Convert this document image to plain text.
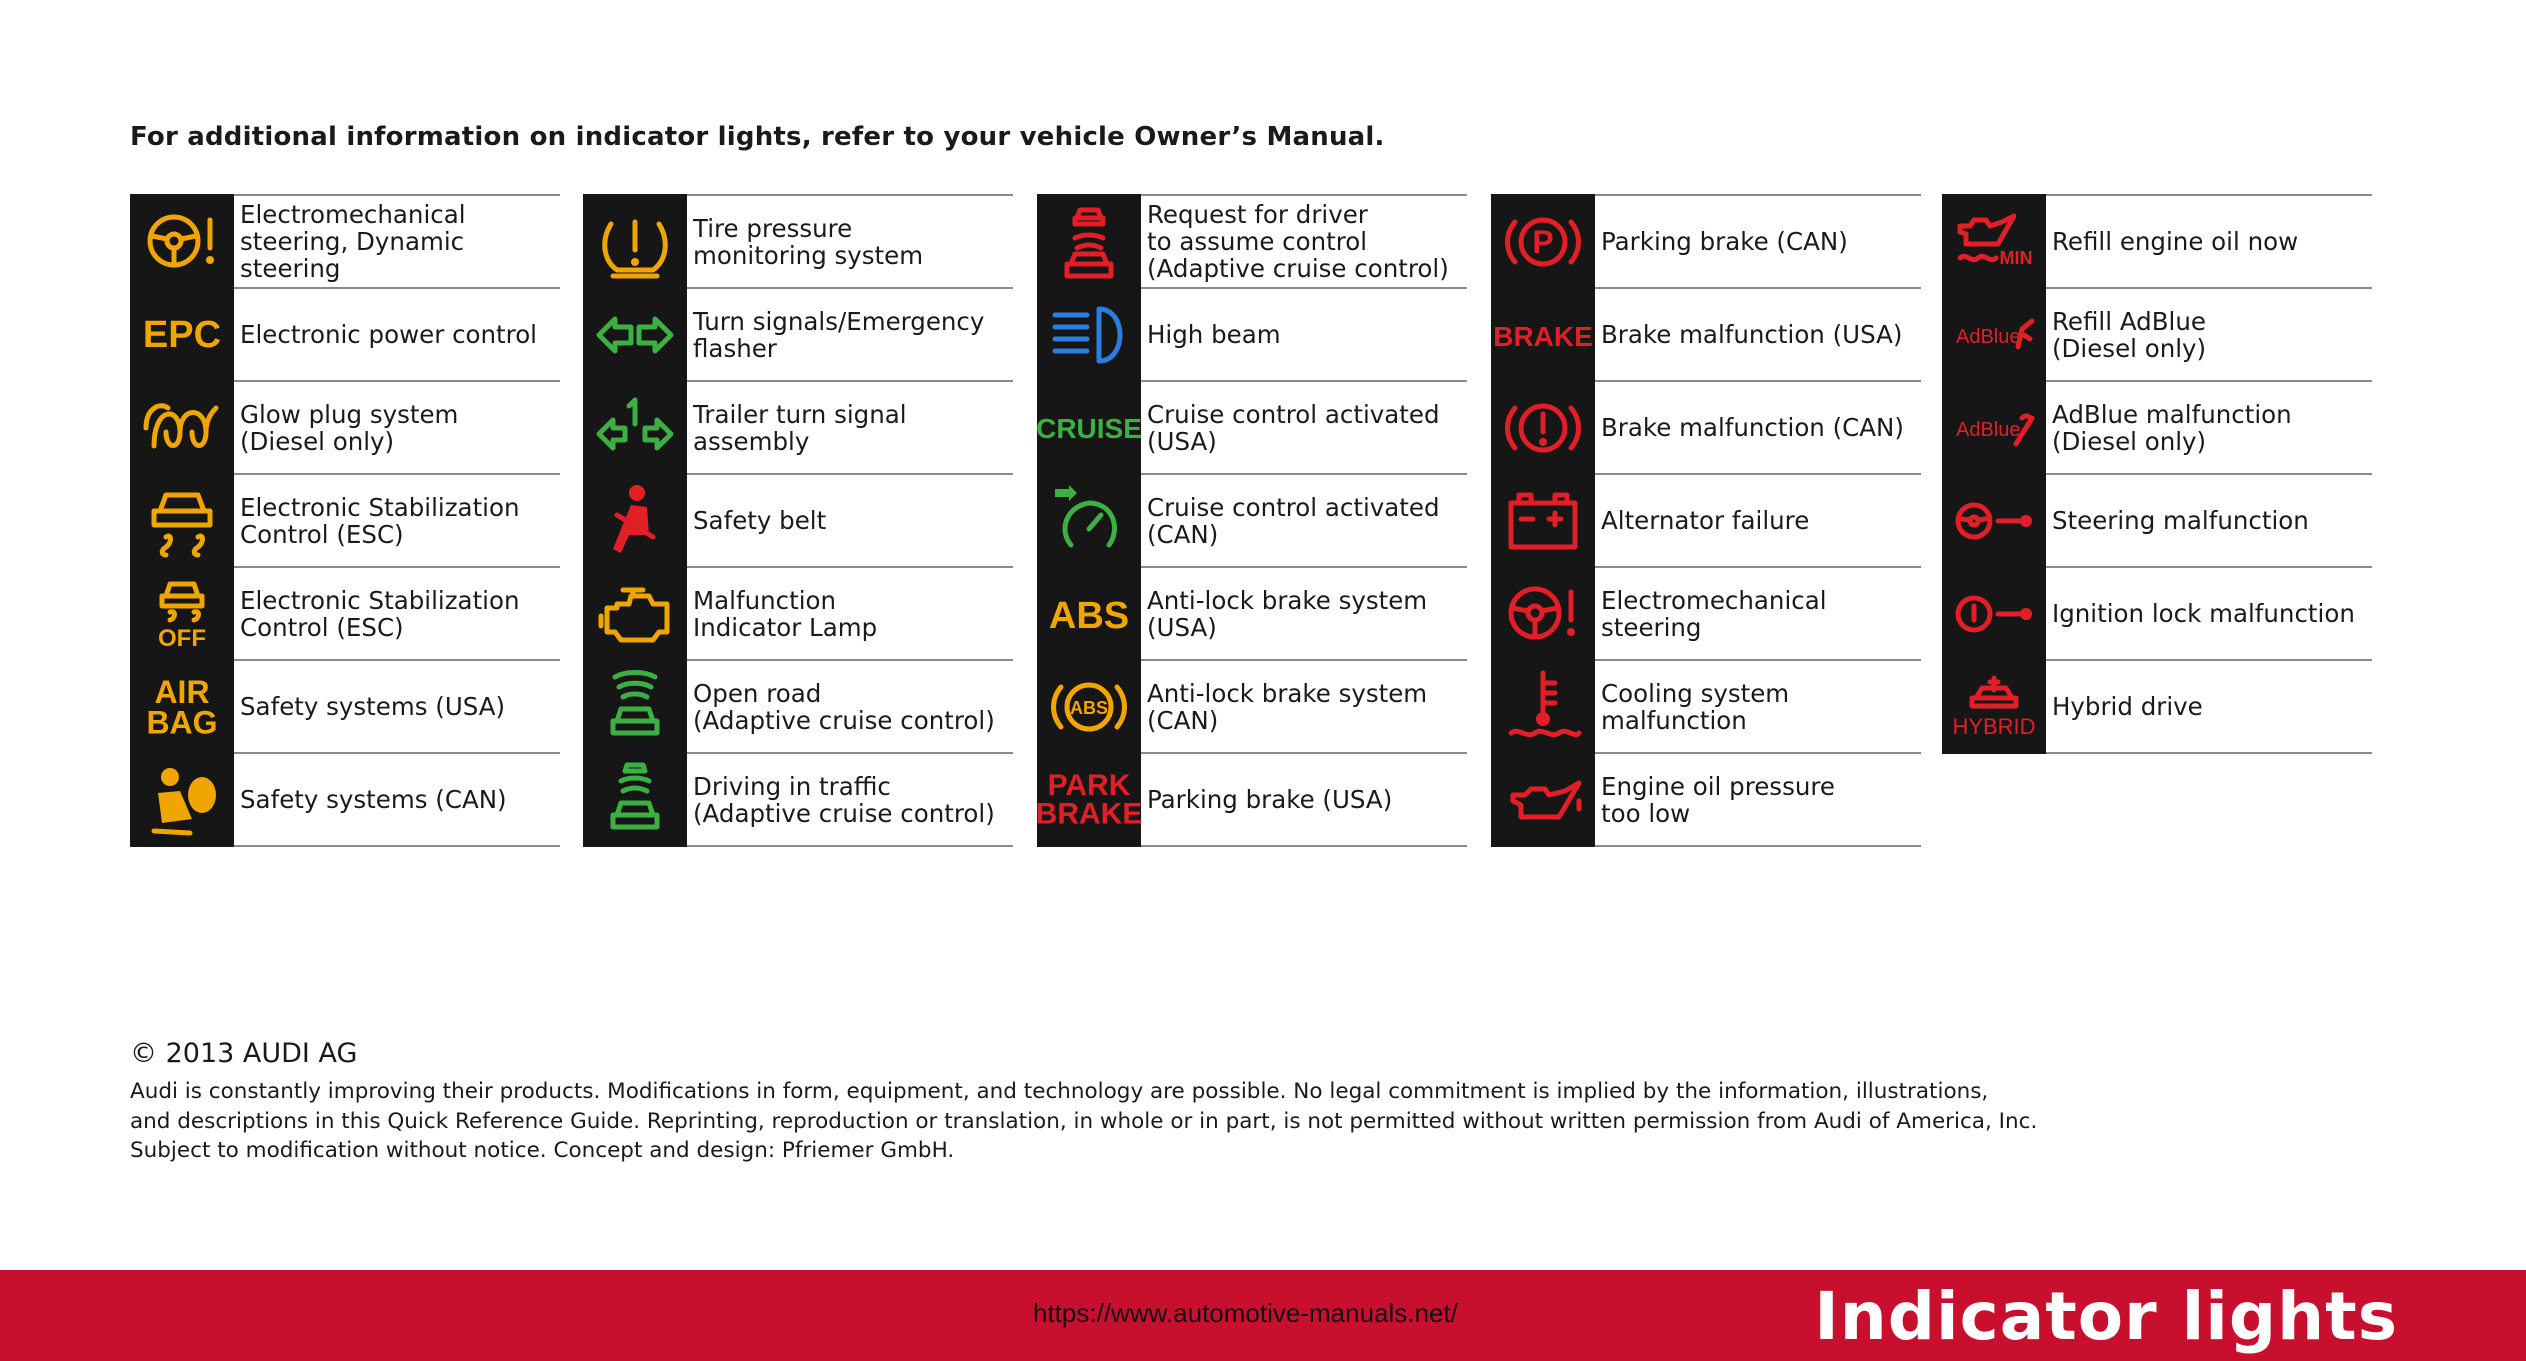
For additional information on indicator lights, refer to your vehicle Owner’s Manual.
Electromechanical
steering, Dynamic steering
EPC Electronic power control
Glow plug system
(Diesel only)
Electronic Stabilization
Control (ESC)
OFF
Electronic Stabilization
Control (ESC)
AIR
BAG Safety systems (USA)
Safety systems (CAN)
Tire pressure
monitoring system
Turn signals/Emergency
flasher
Trailer turn signal
assembly
Safety belt
Malfunction
Indicator Lamp
Open road
(Adaptive cruise control)
Driving in traffic
(Adaptive cruise control)
Request for driver
to assume control
(Adaptive cruise control)
High beam
CRUISE Cruise control activated
(USA)
Cruise control activated
(CAN)
ABS Anti-lock brake system
(USA)
ABS Anti-lock brake system
(CAN)
PARK
BRAKE Parking brake (USA)
P Parking brake (CAN)
BRAKE Brake malfunction (USA)
Brake malfunction (CAN)
Alternator failure
Electromechanical
steering
Cooling system
malfunction
Engine oil pressure
too low
MIN
Refill engine oil now
AdBlue
Refill AdBlue
(Diesel only)
AdBlue
AdBlue malfunction
(Diesel only)
Steering malfunction
Ignition lock malfunction
HYBRID
Hybrid drive

© 2013 AUDI AG

Audi is constantly improving their products. Modifications in form, equipment, and technology are possible. No legal commitment is implied by the information, illustrations,
and descriptions in this Quick Reference Guide. Reprinting, reproduction or translation, in whole or in part, is not permitted without written permission from Audi of America, Inc.
Subject to modification without notice. Concept and design: Pfriemer GmbH.

https://www.automotive-manuals.net/	Indicator lights
